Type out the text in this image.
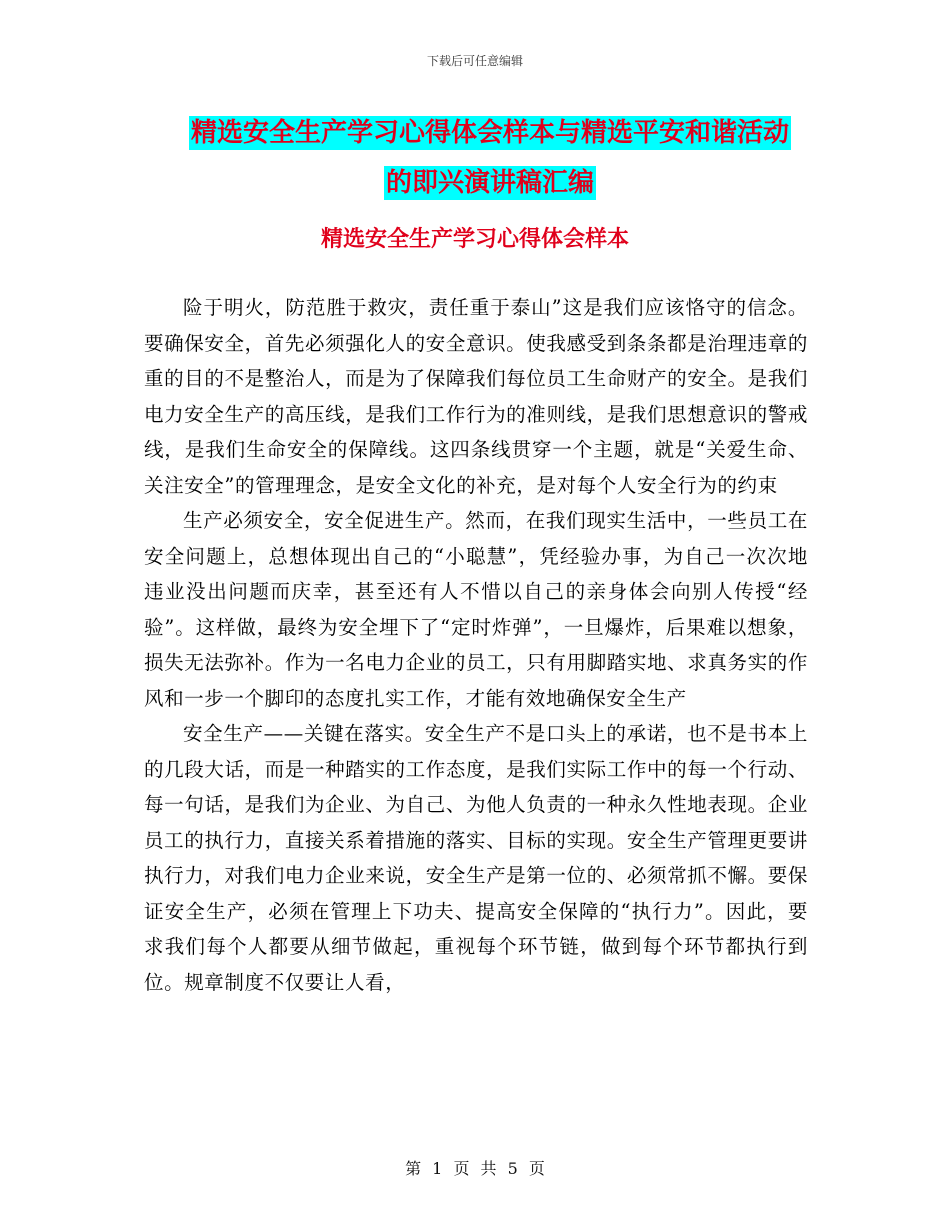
下载后可任意编辑
精选安全生产学习心得体会样本与精选平安和谐活动
的即兴演讲稿汇编
精选安全生产学习心得体会样本

险于明火，防范胜于救灾，责任重于泰山”这是我们应该恪守的信念。要确保安全，首先必须强化人的安全意识。使我感受到条条都是治理违章的重的目的不是整治人，而是为了保障我们每位员工生命财产的安全。是我们电力安全生产的高压线，是我们工作行为的准则线，是我们思想意识的警戒线，是我们生命安全的保障线。这四条线贯穿一个主题，就是“关爱生命、关注安全”的管理理念，是安全文化的补充，是对每个人安全行为的约束

生产必须安全，安全促进生产。然而，在我们现实生活中，一些员工在安全问题上，总想体现出自己的“小聪慧”，凭经验办事，为自己一次次地违业没出问题而庆幸，甚至还有人不惜以自己的亲身体会向别人传授“经验”。这样做，最终为安全埋下了“定时炸弹”，一旦爆炸，后果难以想象，损失无法弥补。作为一名电力企业的员工，只有用脚踏实地、求真务实的作风和一步一个脚印的态度扎实工作，才能有效地确保安全生产

安全生产——关键在落实。安全生产不是口头上的承诺，也不是书本上的几段大话，而是一种踏实的工作态度，是我们实际工作中的每一个行动、每一句话，是我们为企业、为自己、为他人负责的一种永久性地表现。企业员工的执行力，直接关系着措施的落实、目标的实现。安全生产管理更要讲执行力，对我们电力企业来说，安全生产是第一位的、必须常抓不懈。要保证安全生产，必须在管理上下功夫、提高安全保障的“执行力”。因此，要求我们每个人都要从细节做起，重视每个环节链，做到每个环节都执行到位。规章制度不仅要让人看，

第 1 页 共 5 页
